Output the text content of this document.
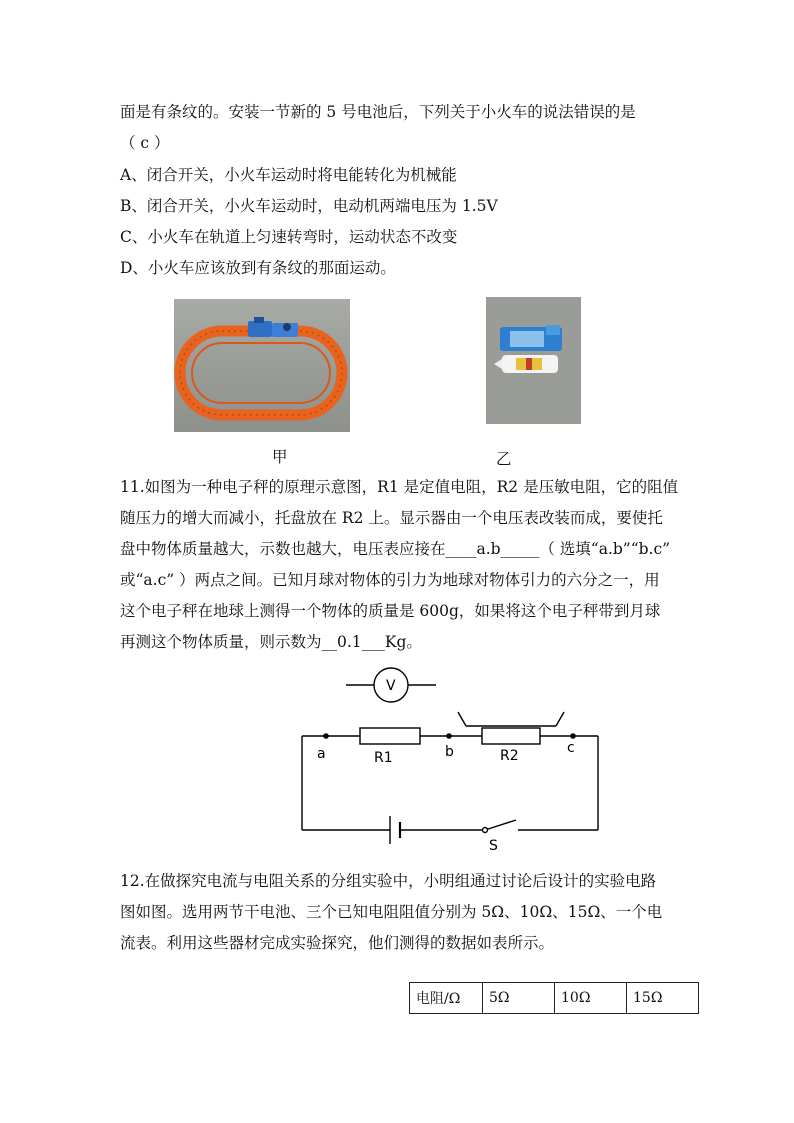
面是有条纹的。安装一节新的 5 号电池后，下列关于小火车的说法错误的是
（ c ）
A、闭合开关，小火车运动时将电能转化为机械能
B、闭合开关，小火车运动时，电动机两端电压为 1.5V
C、小火车在轨道上匀速转弯时，运动状态不改变
D、小火车应该放到有条纹的那面运动。
甲	乙
11.如图为一种电子秤的原理示意图，R1 是定值电阻，R2 是压敏电阻，它的阻值
随压力的增大而减小，托盘放在 R2 上。显示器由一个电压表改装而成，要使托
盘中物体质量越大，示数也越大，电压表应接在____a.b_____（ 选填“a.b”“b.c”
或“a.c” ）两点之间。已知月球对物体的引力为地球对物体引力的六分之一，用
这个电子秤在地球上测得一个物体的质量是 600g，如果将这个电子秤带到月球
再测这个物体质量，则示数为__0.1___Kg。
V
a	R1	b	R2	c
S
12.在做探究电流与电阻关系的分组实验中，小明组通过讨论后设计的实验电路
图如图。选用两节干电池、三个已知电阻阻值分别为 5Ω、10Ω、15Ω、一个电
流表。利用这些器材完成实验探究，他们测得的数据如表所示。
电阻/Ω	5Ω	10Ω	15Ω
